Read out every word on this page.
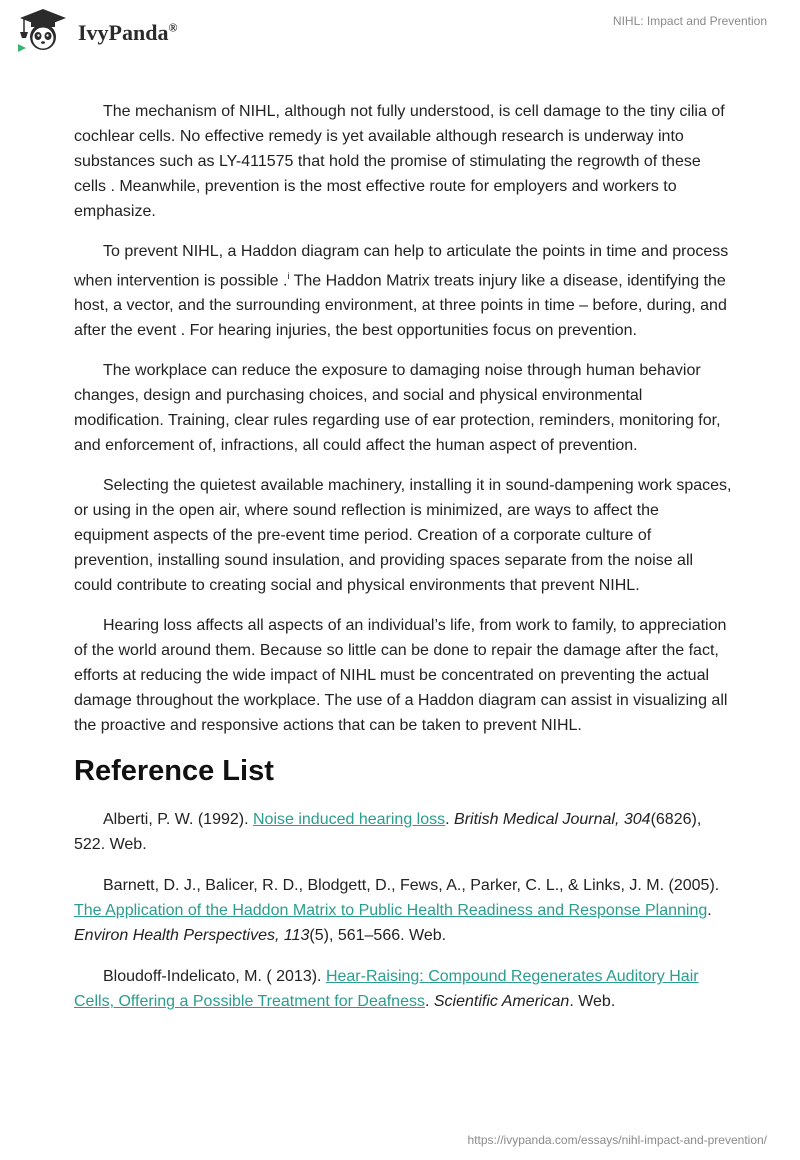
IvyPanda®	NIHL: Impact and Prevention

The mechanism of NIHL, although not fully understood, is cell damage to the tiny cilia of cochlear cells. No effective remedy is yet available although research is underway into substances such as LY-411575 that hold the promise of stimulating the regrowth of these cells . Meanwhile, prevention is the most effective route for employers and workers to emphasize.

To prevent NIHL, a Haddon diagram can help to articulate the points in time and process when intervention is possible .$^i$ The Haddon Matrix treats injury like a disease, identifying the host, a vector, and the surrounding environment, at three points in time – before, during, and after the event . For hearing injuries, the best opportunities focus on prevention.

The workplace can reduce the exposure to damaging noise through human behavior changes, design and purchasing choices, and social and physical environmental modification. Training, clear rules regarding use of ear protection, reminders, monitoring for, and enforcement of, infractions, all could affect the human aspect of prevention.

Selecting the quietest available machinery, installing it in sound-dampening work spaces, or using in the open air, where sound reflection is minimized, are ways to affect the equipment aspects of the pre-event time period. Creation of a corporate culture of prevention, installing sound insulation, and providing spaces separate from the noise all could contribute to creating social and physical environments that prevent NIHL.

Hearing loss affects all aspects of an individual’s life, from work to family, to appreciation of the world around them. Because so little can be done to repair the damage after the fact, efforts at reducing the wide impact of NIHL must be concentrated on preventing the actual damage throughout the workplace. The use of a Haddon diagram can assist in visualizing all the proactive and responsive actions that can be taken to prevent NIHL.

Reference List

Alberti, P. W. (1992). Noise induced hearing loss. British Medical Journal, 304(6826), 522. Web.

Barnett, D. J., Balicer, R. D., Blodgett, D., Fews, A., Parker, C. L., & Links, J. M. (2005). The Application of the Haddon Matrix to Public Health Readiness and Response Planning. Environ Health Perspectives, 113(5), 561–566. Web.

Bloudoff-Indelicato, M. ( 2013). Hear-Raising: Compound Regenerates Auditory Hair Cells, Offering a Possible Treatment for Deafness. Scientific American. Web.

https://ivypanda.com/essays/nihl-impact-and-prevention/
